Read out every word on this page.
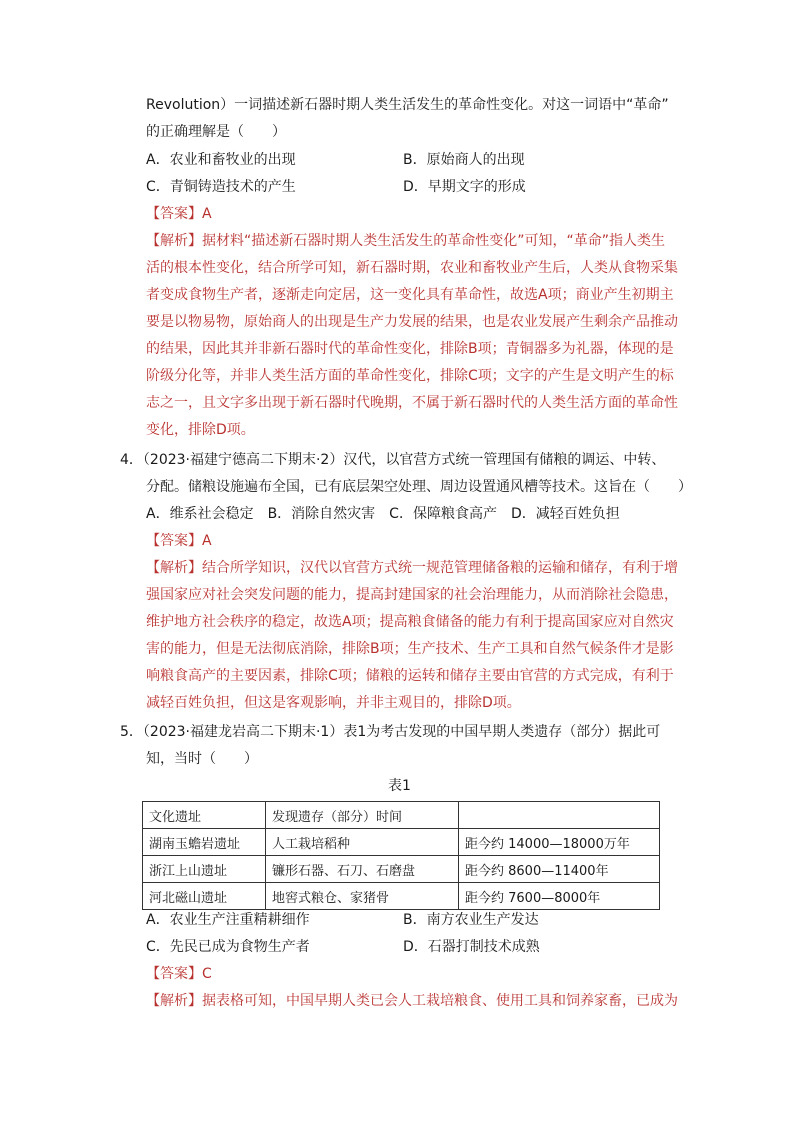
Revolution）一词描述新石器时期人类生活发生的革命性变化。对这一词语中“革命”
的正确理解是（　　）
A．农业和畜牧业的出现	B．原始商人的出现
C．青铜铸造技术的产生	D．早期文字的形成
【答案】A
【解析】据材料“描述新石器时期人类生活发生的革命性变化”可知，“革命”指人类生
活的根本性变化，结合所学可知，新石器时期，农业和畜牧业产生后，人类从食物采集
者变成食物生产者，逐渐走向定居，这一变化具有革命性，故选A项；商业产生初期主
要是以物易物，原始商人的出现是生产力发展的结果，也是农业发展产生剩余产品推动
的结果，因此其并非新石器时代的革命性变化，排除B项；青铜器多为礼器，体现的是
阶级分化等，并非人类生活方面的革命性变化，排除C项；文字的产生是文明产生的标
志之一，且文字多出现于新石器时代晚期，不属于新石器时代的人类生活方面的革命性
变化，排除D项。
4．（2023·福建宁德高二下期末·2）汉代，以官营方式统一管理国有储粮的调运、中转、
分配。储粮设施遍布全国，已有底层架空处理、周边设置通风槽等技术。这旨在（　　）
A．维系社会稳定　B．消除自然灾害　C．保障粮食高产　D．减轻百姓负担
【答案】A
【解析】结合所学知识，汉代以官营方式统一规范管理储备粮的运输和储存，有利于增
强国家应对社会突发问题的能力，提高封建国家的社会治理能力，从而消除社会隐患，
维护地方社会秩序的稳定，故选A项；提高粮食储备的能力有利于提高国家应对自然灾
害的能力，但是无法彻底消除，排除B项；生产技术、生产工具和自然气候条件才是影
响粮食高产的主要因素，排除C项；储粮的运转和储存主要由官营的方式完成，有利于
减轻百姓负担，但这是客观影响，并非主观目的，排除D项。
5．（2023·福建龙岩高二下期末·1）表1为考古发现的中国早期人类遗存（部分）据此可
知，当时（　　）
表1
文化遗址	发现遗存（部分）时间	
湖南玉蟾岩遗址	人工栽培稻种	距今约 14000—18000万年
浙江上山遗址	镰形石器、石刀、石磨盘	距今约 8600—11400年
河北磁山遗址	地窖式粮仓、家猪骨	距今约 7600—8000年
A．农业生产注重精耕细作	B．南方农业生产发达
C．先民已成为食物生产者	D．石器打制技术成熟
【答案】C
【解析】据表格可知，中国早期人类已会人工栽培粮食、使用工具和饲养家畜，已成为
